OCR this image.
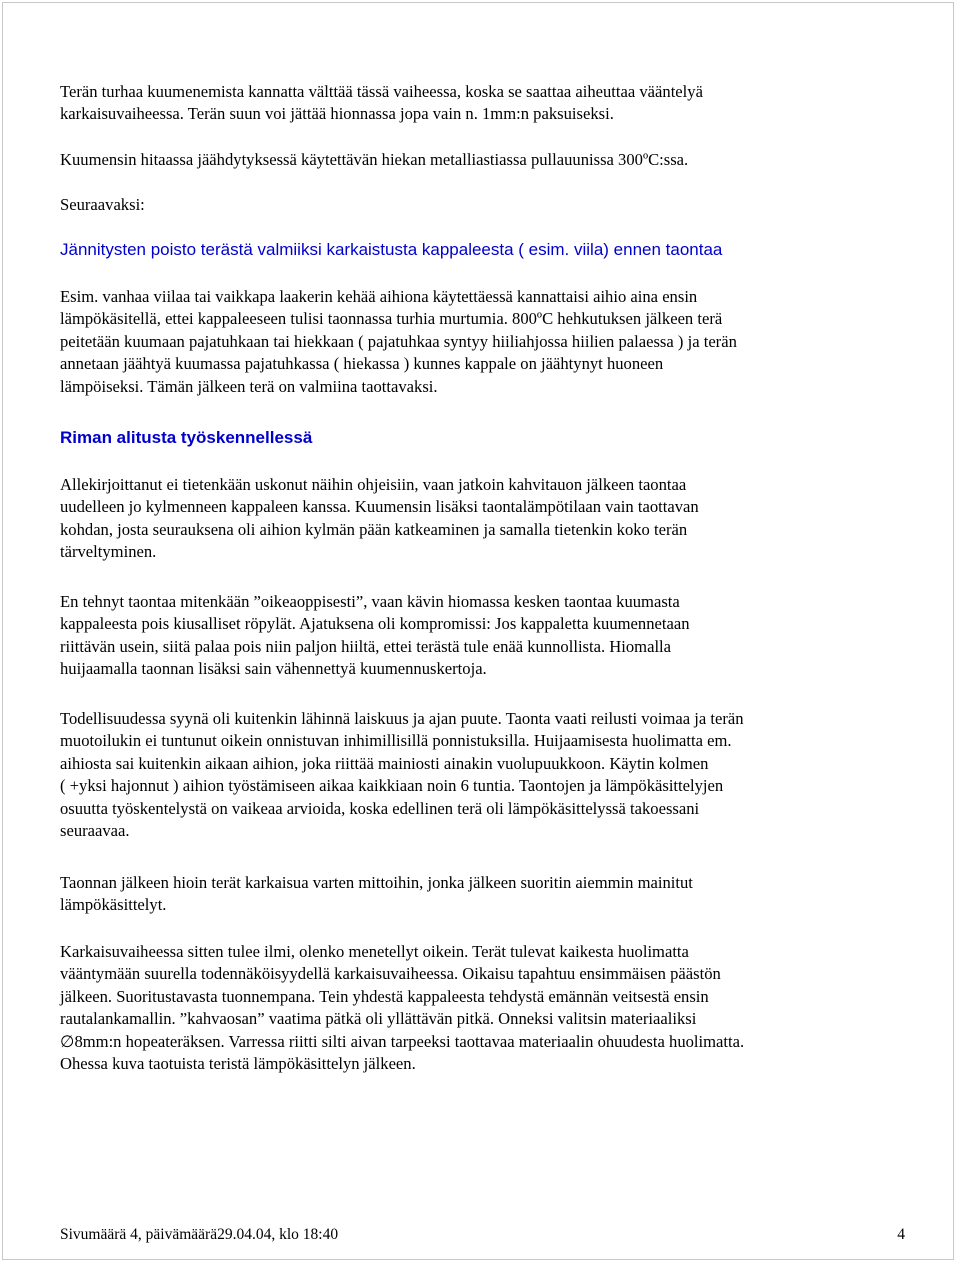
Terän turhaa kuumenemista kannatta välttää tässä vaiheessa, koska se saattaa aiheuttaa vääntelyä
karkaisuvaiheessa. Terän suun voi jättää hionnassa jopa vain n. 1mm:n paksuiseksi.

Kuumensin hitaassa jäähdytyksessä käytettävän hiekan metalliastiassa pullauunissa 300ºC:ssa.

Seuraavaksi:

Jännitysten poisto terästä valmiiksi karkaistusta kappaleesta ( esim. viila) ennen taontaa

Esim. vanhaa viilaa tai vaikkapa laakerin kehää aihiona käytettäessä kannattaisi aihio aina ensin
lämpökäsitellä, ettei kappaleeseen tulisi taonnassa turhia murtumia. 800ºC hehkutuksen jälkeen terä
peitetään kuumaan pajatuhkaan tai hiekkaan ( pajatuhkaa syntyy hiiliahjossa hiilien palaessa ) ja terän
annetaan jäähtyä kuumassa pajatuhkassa ( hiekassa ) kunnes kappale on jäähtynyt huoneen
lämpöiseksi. Tämän jälkeen terä on valmiina taottavaksi.

Riman alitusta työskennellessä

Allekirjoittanut ei tietenkään uskonut näihin ohjeisiin, vaan jatkoin kahvitauon jälkeen taontaa
uudelleen jo kylmenneen kappaleen kanssa. Kuumensin lisäksi taontalämpötilaan vain taottavan
kohdan, josta seurauksena oli aihion kylmän pään katkeaminen ja samalla tietenkin koko terän
tärveltyminen.

En tehnyt taontaa mitenkään ”oikeaoppisesti”, vaan kävin hiomassa kesken taontaa kuumasta
kappaleesta pois kiusalliset röpylät. Ajatuksena oli kompromissi: Jos kappaletta kuumennetaan
riittävän usein, siitä palaa pois niin paljon hiiltä, ettei terästä tule enää kunnollista. Hiomalla
huijaamalla taonnan lisäksi sain vähennettyä kuumennuskertoja.

Todellisuudessa syynä oli kuitenkin lähinnä laiskuus ja ajan puute. Taonta vaati reilusti voimaa ja terän
muotoilukin ei tuntunut oikein onnistuvan inhimillisillä ponnistuksilla. Huijaamisesta huolimatta em.
aihiosta sai kuitenkin aikaan aihion, joka riittää mainiosti ainakin vuolupuukkoon. Käytin kolmen
( +yksi hajonnut ) aihion työstämiseen aikaa kaikkiaan noin 6 tuntia. Taontojen ja lämpökäsittelyjen
osuutta työskentelystä on vaikeaa arvioida, koska edellinen terä oli lämpökäsittelyssä takoessani
seuraavaa.

Taonnan jälkeen hioin terät karkaisua varten mittoihin, jonka jälkeen suoritin aiemmin mainitut
lämpökäsittelyt.

Karkaisuvaiheessa sitten tulee ilmi, olenko menetellyt oikein. Terät tulevat kaikesta huolimatta
vääntymään suurella todennäköisyydellä karkaisuvaiheessa. Oikaisu tapahtuu ensimmäisen päästön
jälkeen. Suoritustavasta tuonnempana. Tein yhdestä kappaleesta tehdystä emännän veitsestä ensin
rautalankamallin. ”kahvaosan” vaatima pätkä oli yllättävän pitkä. Onneksi valitsin materiaaliksi
∅8mm:n hopeateräksen. Varressa riitti silti aivan tarpeeksi taottavaa materiaalin ohuudesta huolimatta.
Ohessa kuva taotuista teristä lämpökäsittelyn jälkeen.

Sivumäärä 4, päivämäärä29.04.04, klo 18:40	4
